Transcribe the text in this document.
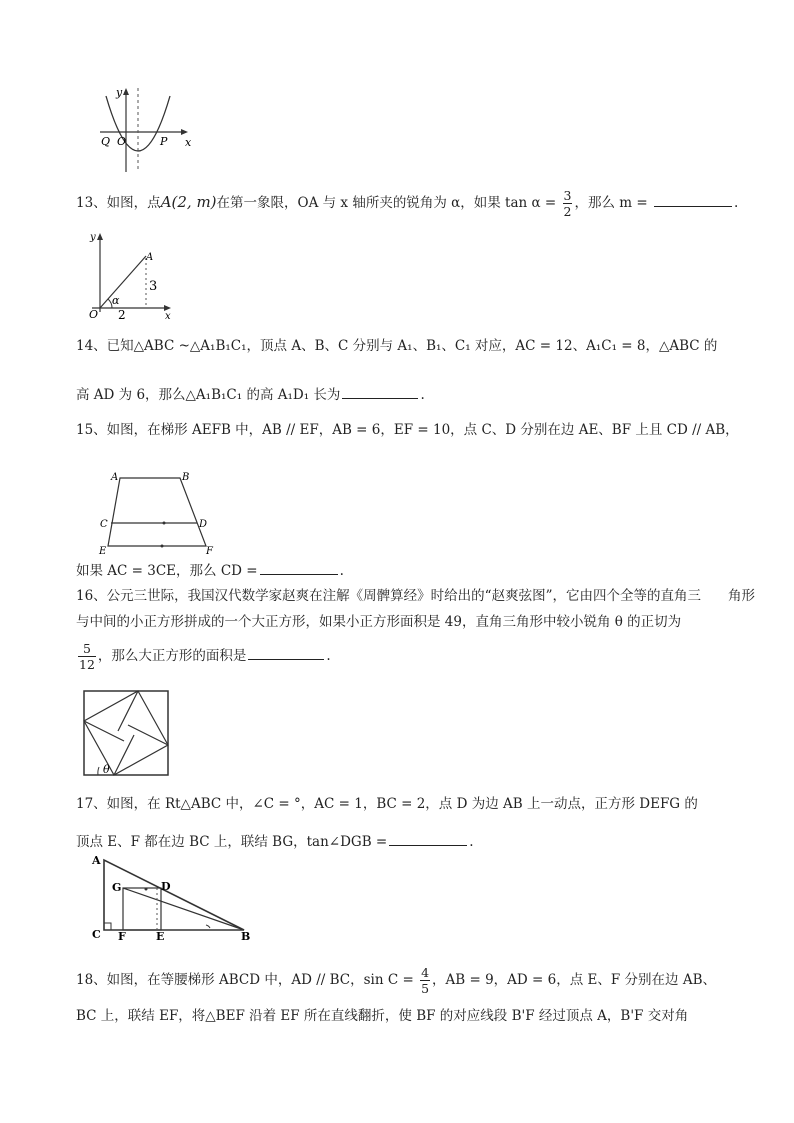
y
x
Q O	P
13、如图，点A(2, m)在第一象限，OA 与 x 轴所夹的锐角为 α，如果 $\tan \alpha = \frac{3}{2}$ ，那么 m =	.
y
A
3
α
O 2	x
14、已知△ABC ~△A₁B₁C₁，顶点 A、B、C 分别与 A₁、B₁、C₁ 对应，AC = 12、A₁C₁ = 8，△ABC 的
高 AD 为 6，那么△A₁B₁C₁ 的高 A₁D₁ 长为	.
15、如图，在梯形 AEFB 中，AB // EF，AB = 6，EF = 10，点 C、D 分别在边 AE、BF 上且 CD // AB，
A	B
C	D
E	F
如果 AC = 3CE，那么 CD =	.
16、公元三世际，我国汉代数学家赵爽在注解《周髀算经》时给出的“赵爽弦图”，它由四个全等的直角三　　角形
与中间的小正方形拼成的一个大正方形，如果小正方形面积是 49，直角三角形中较小锐角 θ 的正切为
$\frac{5}{12}$ ，那么大正方形的面积是	.
θ
17、如图，在 Rt△ABC 中，∠C = °，AC = 1，BC = 2，点 D 为边 AB 上一动点，正方形 DEFG 的
顶点 E、F 都在边 BC 上，联结 BG，tan∠DGB =	.
A
G	D
C F	E	B
18、如图，在等腰梯形 ABCD 中，AD // BC，$\sin C = \frac{4}{5}$ ，AB = 9，AD = 6，点 E、F 分别在边 AB、
BC 上，联结 EF，将△BEF 沿着 EF 所在直线翻折，使 BF 的对应线段 B'F 经过顶点 A，B'F 交对角
